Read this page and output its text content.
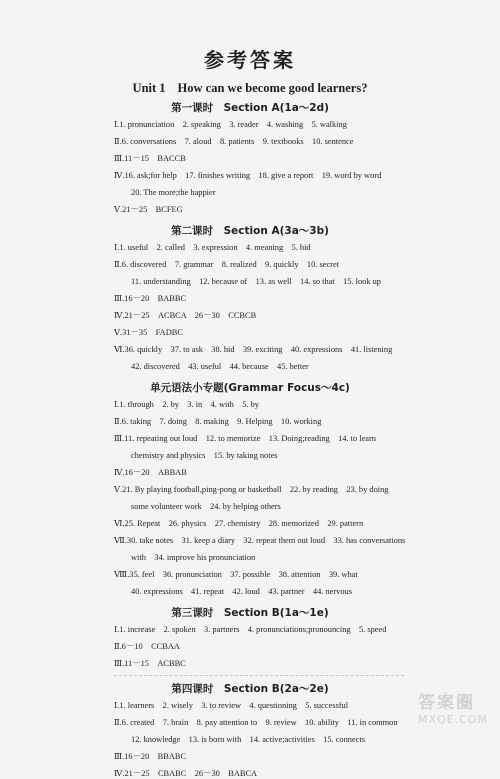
参考答案
Unit 1 How can we become good learners?
答案圈
MXQE.COM
第一课时　Section A(1a～2d)
Ⅰ.1. pronunciation　2. speaking　3. reader　4. washing　5. walking
Ⅱ.6. conversations　7. aloud　8. patients　9. textbooks　10. sentence
Ⅲ.11－15　BACCB
Ⅳ.16. ask;for help　17. finishes writing　18. give a report　19. word by word
20. The more;the happier
Ⅴ.21－25　BCFEG
第二课时　Section A(3a～3b)
Ⅰ.1. useful　2. called　3. expression　4. meaning　5. hid
Ⅱ.6. discovered　7. grammar　8. realized　9. quickly　10. secret
11. understanding　12. because of　13. as well　14. so that　15. look up
Ⅲ.16－20　BABBC
Ⅳ.21－25　ACBCA　26－30　CCBCB
Ⅴ.31－35　FADBC
Ⅵ.36. quickly　37. to ask　38. hid　39. exciting　40. expressions　41. listening
42. discovered　43. useful　44. because　45. better
单元语法小专题(Grammar Focus～4c)
Ⅰ.1. through　2. by　3. in　4. with　5. by
Ⅱ.6. taking　7. doing　8. making　9. Helping　10. working
Ⅲ.11. repeating out loud　12. to memorize　13. Doing;reading　14. to learn
chemistry and physics　15. by taking notes
Ⅳ.16－20　ABBAB
Ⅴ.21. By playing football,ping-pong or basketball　22. by reading　23. by doing
some volunteer work　24. by helping others
Ⅵ.25. Repeat　26. physics　27. chemistry　28. memorized　29. pattern
Ⅶ.30. take notes　31. keep a diary　32. repeat them out loud　33. has conversations
with　34. improve his pronunciation
Ⅷ.35. feel　36. pronunciation　37. possible　38. attention　39. what
40. expressions　41. repeat　42. loud　43. partner　44. nervous
第三课时　Section B(1a～1e)
Ⅰ.1. increase　2. spoken　3. partners　4. pronunciations;pronouncing　5. speed
Ⅱ.6－10　CCBAA
Ⅲ.11－15　ACBBC
第四课时　Section B(2a～2e)
Ⅰ.1. learners　2. wisely　3. to review　4. questioning　5. successful
Ⅱ.6. created　7. brain　8. pay attention to　9. review　10. ability　11. in common
12. knowledge　13. is born with　14. active;activities　15. connects
Ⅲ.16－20　BBABC
Ⅳ.21－25　CBABC　26－30　BABCA
